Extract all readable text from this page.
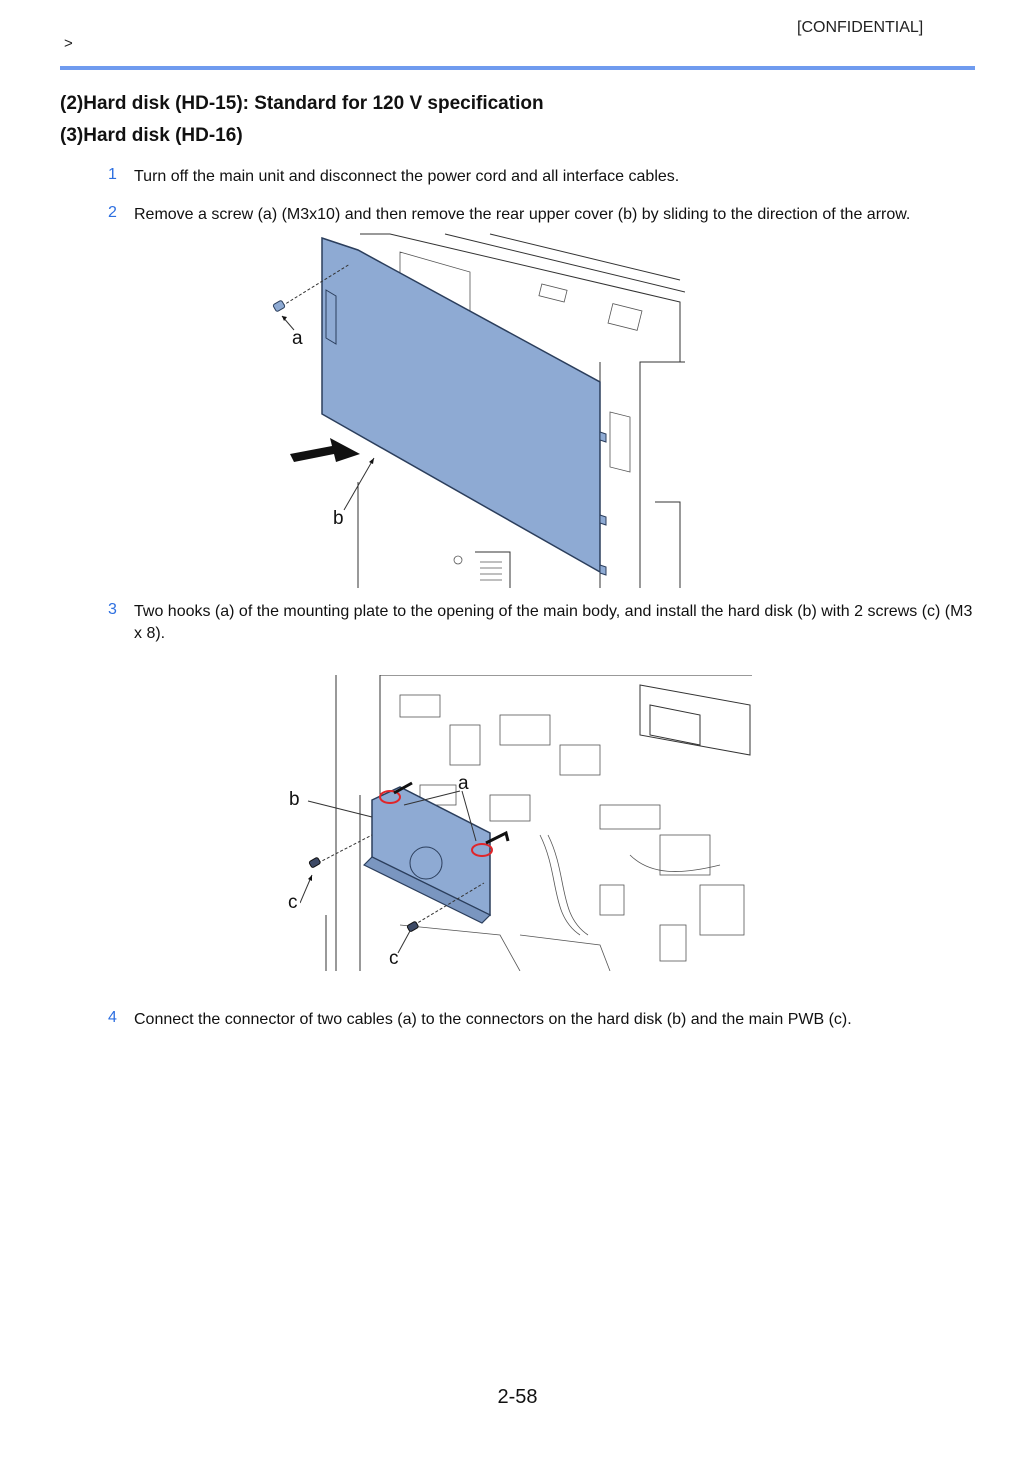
[CONFIDENTIAL]
>
(2)Hard disk (HD-15): Standard for 120 V specification
(3)Hard disk (HD-16)
1 Turn off the main unit and disconnect the power cord and all interface cables.
2 Remove a screw (a) (M3x10) and then remove the rear upper cover (b) by sliding to the direction of the arrow.
a
b
3 Two hooks (a) of the mounting plate to the opening of the main body, and install the hard disk (b) with 2 screws (c) (M3 x 8).
a
b
c
c
4 Connect the connector of two cables (a) to the connectors on the hard disk (b) and the main PWB (c).
2-58
